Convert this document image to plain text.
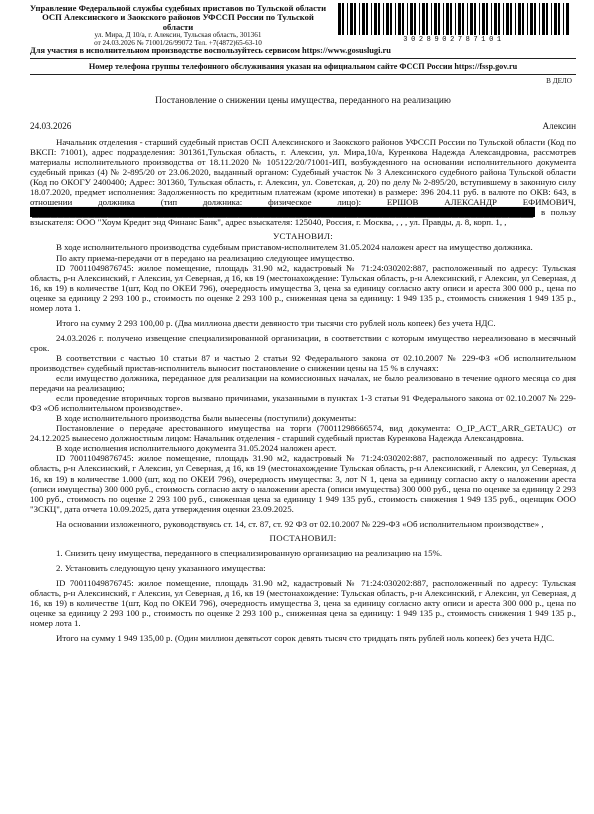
Управление Федеральной службы судебных приставов по Тульской области
ОСП Алексинского и Заокского районов УФССП России по Тульской области
ул. Мира, Д 10/а, г. Алексин, Тульская область, 301361
от 24.03.2026 № 71001/26/99072 Тел. +7(4872)65-63-10	3028902787101
Для участия в исполнительном производстве воспользуйтесь сервисом https://www.gosuslugi.ru
Номер телефона группы телефонного обслуживания указан на официальном сайте ФССП России https://fssp.gov.ru
В ДЕЛО
Постановление о снижении цены имущества, переданного на реализацию
24.03.2026	Алексин

Начальник отделения - старший судебный пристав ОСП Алексинского и Заокского районов УФССП России по Тульской области (Код по ВКСП: 71001), адрес подразделения: 301361,Тульская область, г. Алексин, ул. Мира,10/а, Куренкова Надежда Александровна, рассмотрев материалы исполнительного производства от 18.11.2020 № 105122/20/71001-ИП, возбужденного на основании исполнительного документа судебный приказ (4) № 2-895/20 от 23.06.2020, выданный органом: Судебный участок № 3 Алексинского судебного района Тульской области (Код по ОКОГУ 2400400; Адрес: 301360, Тульская область, г. Алексин, ул. Советская, д. 20) по делу № 2-895/20, вступившему в законную силу 18.07.2020, предмет исполнения: Задолженность по кредитным платежам (кроме ипотеки) в размере: 396 204.11 руб. в валюте по ОКВ: 643, в отношении должника (тип должника: физическое лицо): ЕРШОВ АЛЕКСАНДР ЕФИМОВИЧ, ████████████████████████████████████████████████████████████████████████████████ в пользу взыскателя: ООО "Хоум Кредит энд Финанс Банк", адрес взыскателя: 125040, Россия, г. Москва, , , , ул. Правды, д. 8, корп. 1, ,

УСТАНОВИЛ:

В ходе исполнительного производства судебным приставом-исполнителем 31.05.2024 наложен арест на имущество должника.

По акту приема-передачи от в передано на реализацию следующее имущество.

ID 70011049876745: жилое помещение, площадь 31.90 м2, кадастровый № 71:24:030202:887, расположенный по адресу: Тульская область, р-н Алексинский, г Алексин, ул Северная, д 16, кв 19 (местонахождение: Тульская область, р-н Алексинский, г Алексин, ул Северная, д 16, кв 19) в количестве 1(шт, Код по ОКЕИ 796), очередность имущества 3, цена за единицу согласно акту описи и ареста 300 000 р., цена по оценке за единицу 2 293 100 р., стоимость по оценке 2 293 100 р., сниженная цена за единицу: 1 949 135 р., стоимость снижения 1 949 135 р., номер лота 1.

Итого на сумму 2 293 100,00 р. (Два миллиона двести девяносто три тысячи сто рублей ноль копеек) без учета НДС.

24.03.2026 г. получено извещение специализированной организации, в соответствии с которым имущество нереализовано в месячный срок.

В соответствии с частью 10 статьи 87 и частью 2 статьи 92 Федерального закона от 02.10.2007 № 229-ФЗ «Об исполнительном производстве» судебный пристав-исполнитель выносит постановление о снижении цены на 15 % в случаях:

если имущество должника, переданное для реализации на комиссионных началах, не было реализовано в течение одного месяца со дня передачи на реализацию;

если проведение вторичных торгов вызвано причинами, указанными в пунктах 1-3 статьи 91 Федерального закона от 02.10.2007 № 229-ФЗ «Об исполнительном производстве».

В ходе исполнительного производства были вынесены (поступили) документы:

Постановление о передаче арестованного имущества на торги (70011298666574, вид документа: O_IP_ACT_ARR_GETAUC) от 24.12.2025 вынесено должностным лицом: Начальник отделения - старший судебный пристав Куренкова Надежда Александровна.

В ходе исполнения исполнительного документа 31.05.2024 наложен арест.

ID 70011049876745: жилое помещение, площадь 31.90 м2, кадастровый № 71:24:030202:887, расположенный по адресу: Тульская область, р-н Алексинский, г Алексин, ул Северная, д 16, кв 19 (местонахождение Тульская область, р-н Алексинский, г Алексин, ул Северная, д 16, кв 19) в количестве 1.000 (шт, код по ОКЕИ 796), очередность имущества: 3, лот N 1, цена за единицу согласно акту о наложении ареста (описи имущества) 300 000 руб., стоимость согласно акту о наложении ареста (описи имущества) 300 000 руб., цена по оценке за единицу 2 293 100 руб., стоимость по оценке 2 293 100 руб., сниженная цена за единицу 1 949 135 руб., стоимость снижения 1 949 135 руб., оценщик ООО "ЗСКЦ", дата отчета 10.09.2025, дата утверждения оценки 23.09.2025.

На основании изложенного, руководствуясь ст. 14, ст. 87, ст. 92 ФЗ от 02.10.2007 № 229-ФЗ «Об исполнительном производстве» ,

ПОСТАНОВИЛ:

1. Снизить цену имущества, переданного в специализированную организацию на реализацию на 15%.

2. Установить следующую цену указанного имущества:

ID 70011049876745: жилое помещение, площадь 31.90 м2, кадастровый № 71:24:030202:887, расположенный по адресу: Тульская область, р-н Алексинский, г Алексин, ул Северная, д 16, кв 19 (местонахождение: Тульская область, р-н Алексинский, г Алексин, ул Северная, д 16, кв 19) в количестве 1(шт, Код по ОКЕИ 796), очередность имущества 3, цена за единицу согласно акту описи и ареста 300 000 р., цена по оценке за единицу 2 293 100 р., стоимость по оценке 2 293 100 р., сниженная цена за единицу: 1 949 135 р., стоимость снижения 1 949 135 р., номер лота 1.

Итого на сумму 1 949 135,00 р. (Один миллион девятьсот сорок девять тысяч сто тридцать пять рублей ноль копеек) без учета НДС.
